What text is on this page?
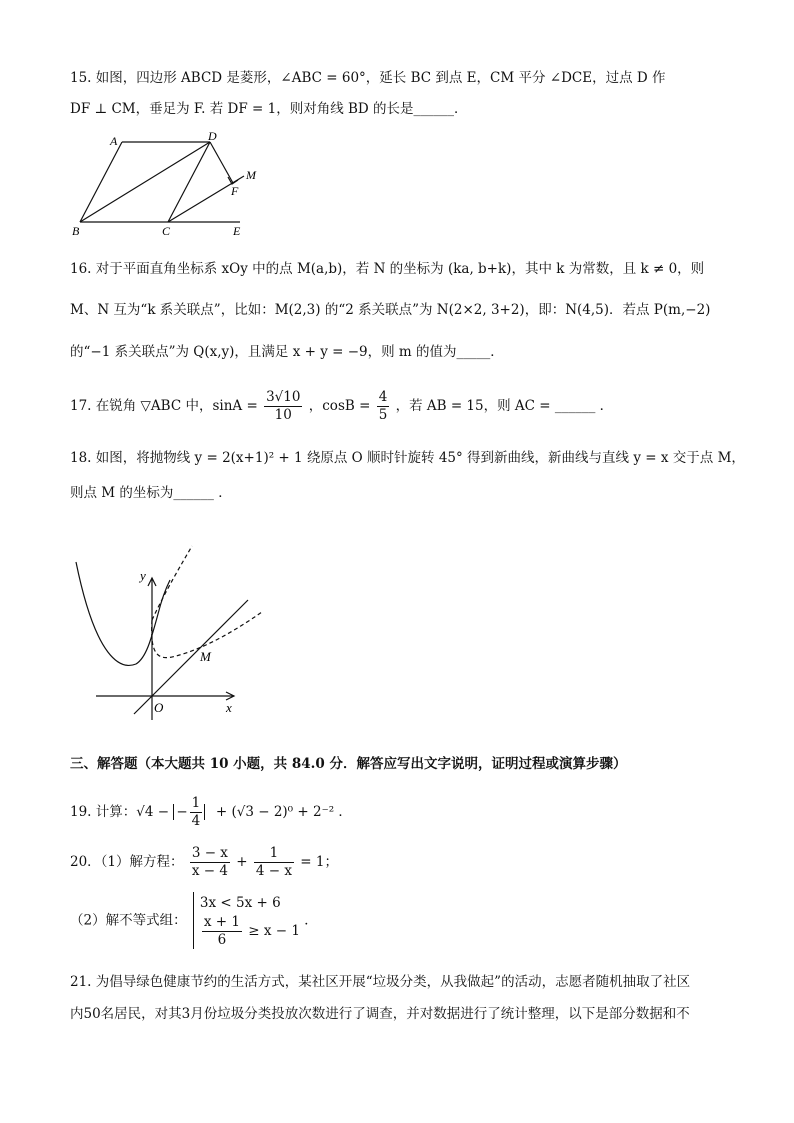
15. 如图，四边形 ABCD 是菱形，∠ABC = 60°，延长 BC 到点 E，CM 平分 ∠DCE，过点 D 作
DF ⊥ CM，垂足为 F. 若 DF = 1，则对角线 BD 的长是______．
A	D
M
F
B	C	E
16. 对于平面直角坐标系 xOy 中的点 M(a,b)，若 N 的坐标为 (ka, b+k)，其中 k 为常数，且 k ≠ 0，则
M、N 互为“k 系关联点”，比如：M(2,3) 的“2 系关联点”为 N(2×2, 3+2)，即：N(4,5)．若点 P(m,−2)
的“−1 系关联点”为 Q(x,y)，且满足 x + y = −9，则 m 的值为_____．
17. 在锐角 ▽ABC 中，$\sin A = \frac{3√10}{10}$ ，$\cos B = \frac{4}{5}$ ，若 AB = 15，则 AC = ______ ．
18. 如图，将抛物线 y = 2(x+1)² + 1 绕原点 O 顺时针旋转 45° 得到新曲线，新曲线与直线 y = x 交于点 M，
则点 M 的坐标为______ ．
y
x
O
M
三、解答题（本大题共 10 小题，共 84.0 分．解答应写出文字说明，证明过程或演算步骤）
19. 计算：√4 − − $\frac{1}{4} + (√3 - 2)^0 + 2^{-2}$ ．
20．（1）解方程： $\frac{3 - x}{x - 4} + \frac{1}{4 - x} = 1$；
（2）解不等式组：
3x < 5x + 6
$\frac{x + 1}{6} \ge x - 1$
．
21. 为倡导绿色健康节约的生活方式，某社区开展“垃圾分类，从我做起”的活动，志愿者随机抽取了社区
内50名居民，对其3月份垃圾分类投放次数进行了调查，并对数据进行了统计整理，以下是部分数据和不
